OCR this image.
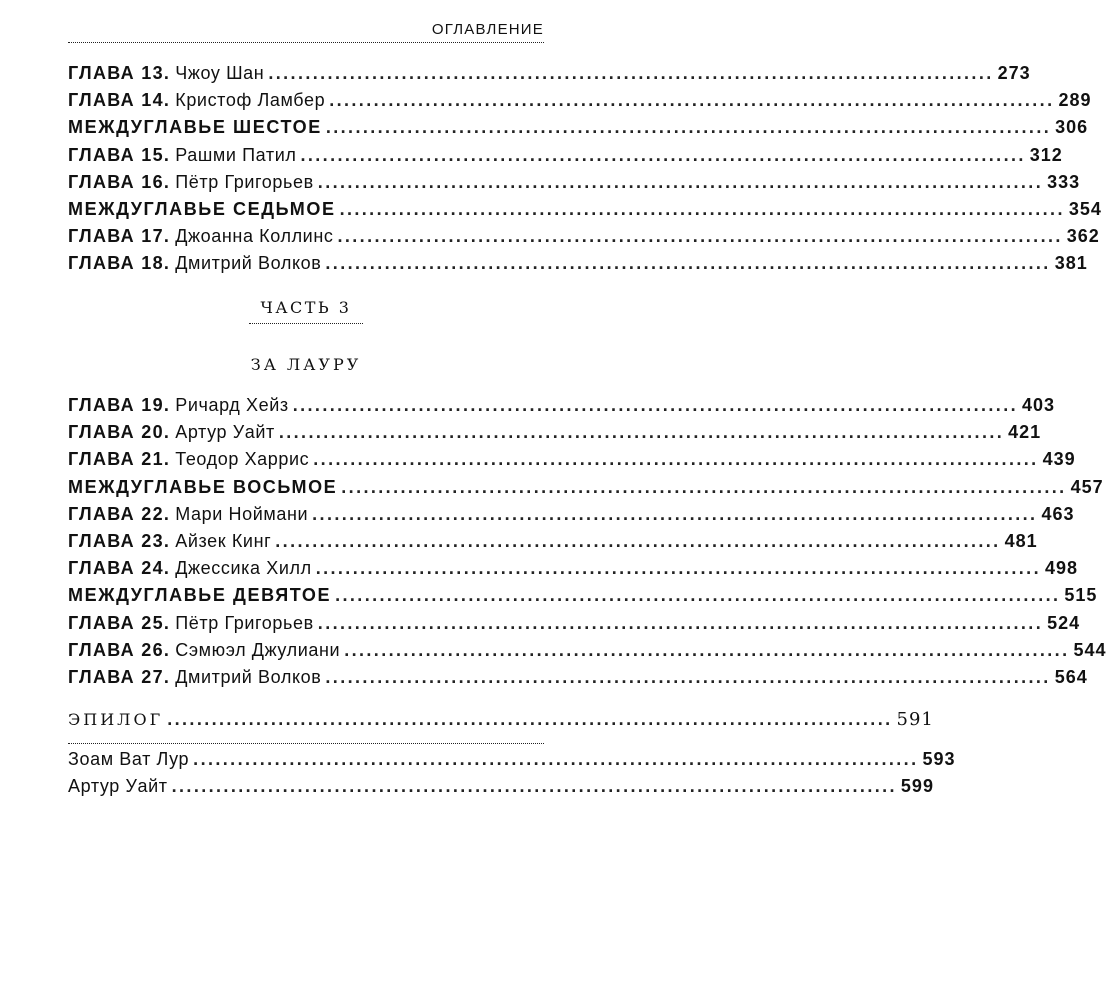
ОГЛАВЛЕНИЕ
ГЛАВА 13. Чжоу Шан .................................................................................................. 273
ГЛАВА 14. Кристоф Ламбер .................................................................................................. 289
МЕЖДУГЛАВЬЕ ШЕСТОЕ .................................................................................................. 306
ГЛАВА 15. Рашми Патил .................................................................................................. 312
ГЛАВА 16. Пётр Григорьев .................................................................................................. 333
МЕЖДУГЛАВЬЕ СЕДЬМОЕ .................................................................................................. 354
ГЛАВА 17. Джоанна Коллинс .................................................................................................. 362
ГЛАВА 18. Дмитрий Волков .................................................................................................. 381
ЧАСТЬ 3
ЗА ЛАУРУ
ГЛАВА 19. Ричард Хейз .................................................................................................. 403
ГЛАВА 20. Артур Уайт .................................................................................................. 421
ГЛАВА 21. Теодор Харрис .................................................................................................. 439
МЕЖДУГЛАВЬЕ ВОСЬМОЕ .................................................................................................. 457
ГЛАВА 22. Мари Ноймани .................................................................................................. 463
ГЛАВА 23. Айзек Кинг .................................................................................................. 481
ГЛАВА 24. Джессика Хилл .................................................................................................. 498
МЕЖДУГЛАВЬЕ ДЕВЯТОЕ .................................................................................................. 515
ГЛАВА 25. Пётр Григорьев .................................................................................................. 524
ГЛАВА 26. Сэмюэл Джулиани .................................................................................................. 544
ГЛАВА 27. Дмитрий Волков .................................................................................................. 564
ЭПИЛОГ .................................................................................................. 591
Зоам Ват Лур .................................................................................................. 593
Артур Уайт .................................................................................................. 599
